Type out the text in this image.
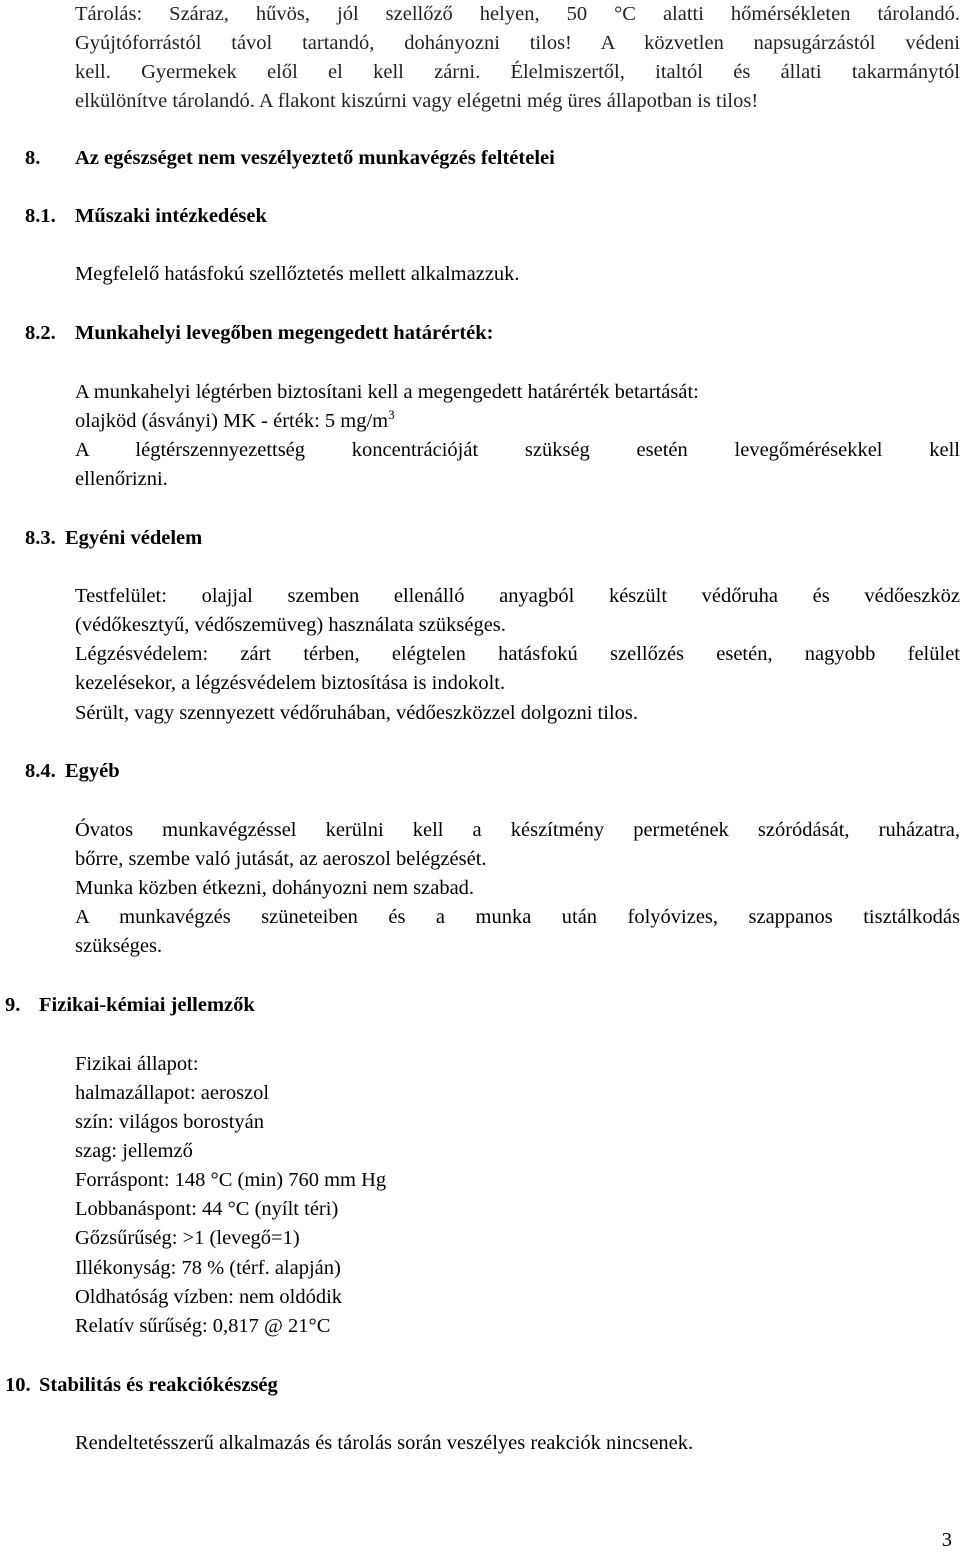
Tárolás: Száraz, hűvös, jól szellőző helyen, 50 °C alatti hőmérsékleten tárolandó.
Gyújtóforrástól távol tartandó, dohányozni tilos! A közvetlen napsugárzástól védeni
kell. Gyermekek elől el kell zárni. Élelmiszertől, italtól és állati takarmánytól
elkülönítve tárolandó. A flakont kiszúrni vagy elégetni még üres állapotban is tilos!
8. Az egészséget nem veszélyeztető munkavégzés feltételei
8.1. Műszaki intézkedések
Megfelelő hatásfokú szellőztetés mellett alkalmazzuk.
8.2. Munkahelyi levegőben megengedett határérték:
A munkahelyi légtérben biztosítani kell a megengedett határérték betartását:
olajköd (ásványi) MK - érték: 5 $mg/m^3$
A légtérszennyezettség koncentrációját szükség esetén levegőmérésekkel kell
ellenőrizni.
8.3. Egyéni védelem
Testfelület: olajjal szemben ellenálló anyagból készült védőruha és védőeszköz
(védőkesztyű, védőszemüveg) használata szükséges.
Légzésvédelem: zárt térben, elégtelen hatásfokú szellőzés esetén, nagyobb felület
kezelésekor, a légzésvédelem biztosítása is indokolt.
Sérült, vagy szennyezett védőruhában, védőeszközzel dolgozni tilos.
8.4. Egyéb
Óvatos munkavégzéssel kerülni kell a készítmény permetének szóródását, ruházatra,
bőrre, szembe való jutását, az aeroszol belégzését.
Munka közben étkezni, dohányozni nem szabad.
A munkavégzés szüneteiben és a munka után folyóvizes, szappanos tisztálkodás
szükséges.
9. Fizikai-kémiai jellemzők
Fizikai állapot:
halmazállapot: aeroszol
szín: világos borostyán
szag: jellemző
Forráspont: 148 °C (min) 760 mm Hg
Lobbanáspont: 44 °C (nyílt téri)
Gőzsűrűség: >1 (levegő=1)
Illékonyság: 78 % (térf. alapján)
Oldhatóság vízben: nem oldódik
Relatív sűrűség: 0,817 @ 21°C
10. Stabilitás és reakciókészség
Rendeltetésszerű alkalmazás és tárolás során veszélyes reakciók nincsenek.
3
